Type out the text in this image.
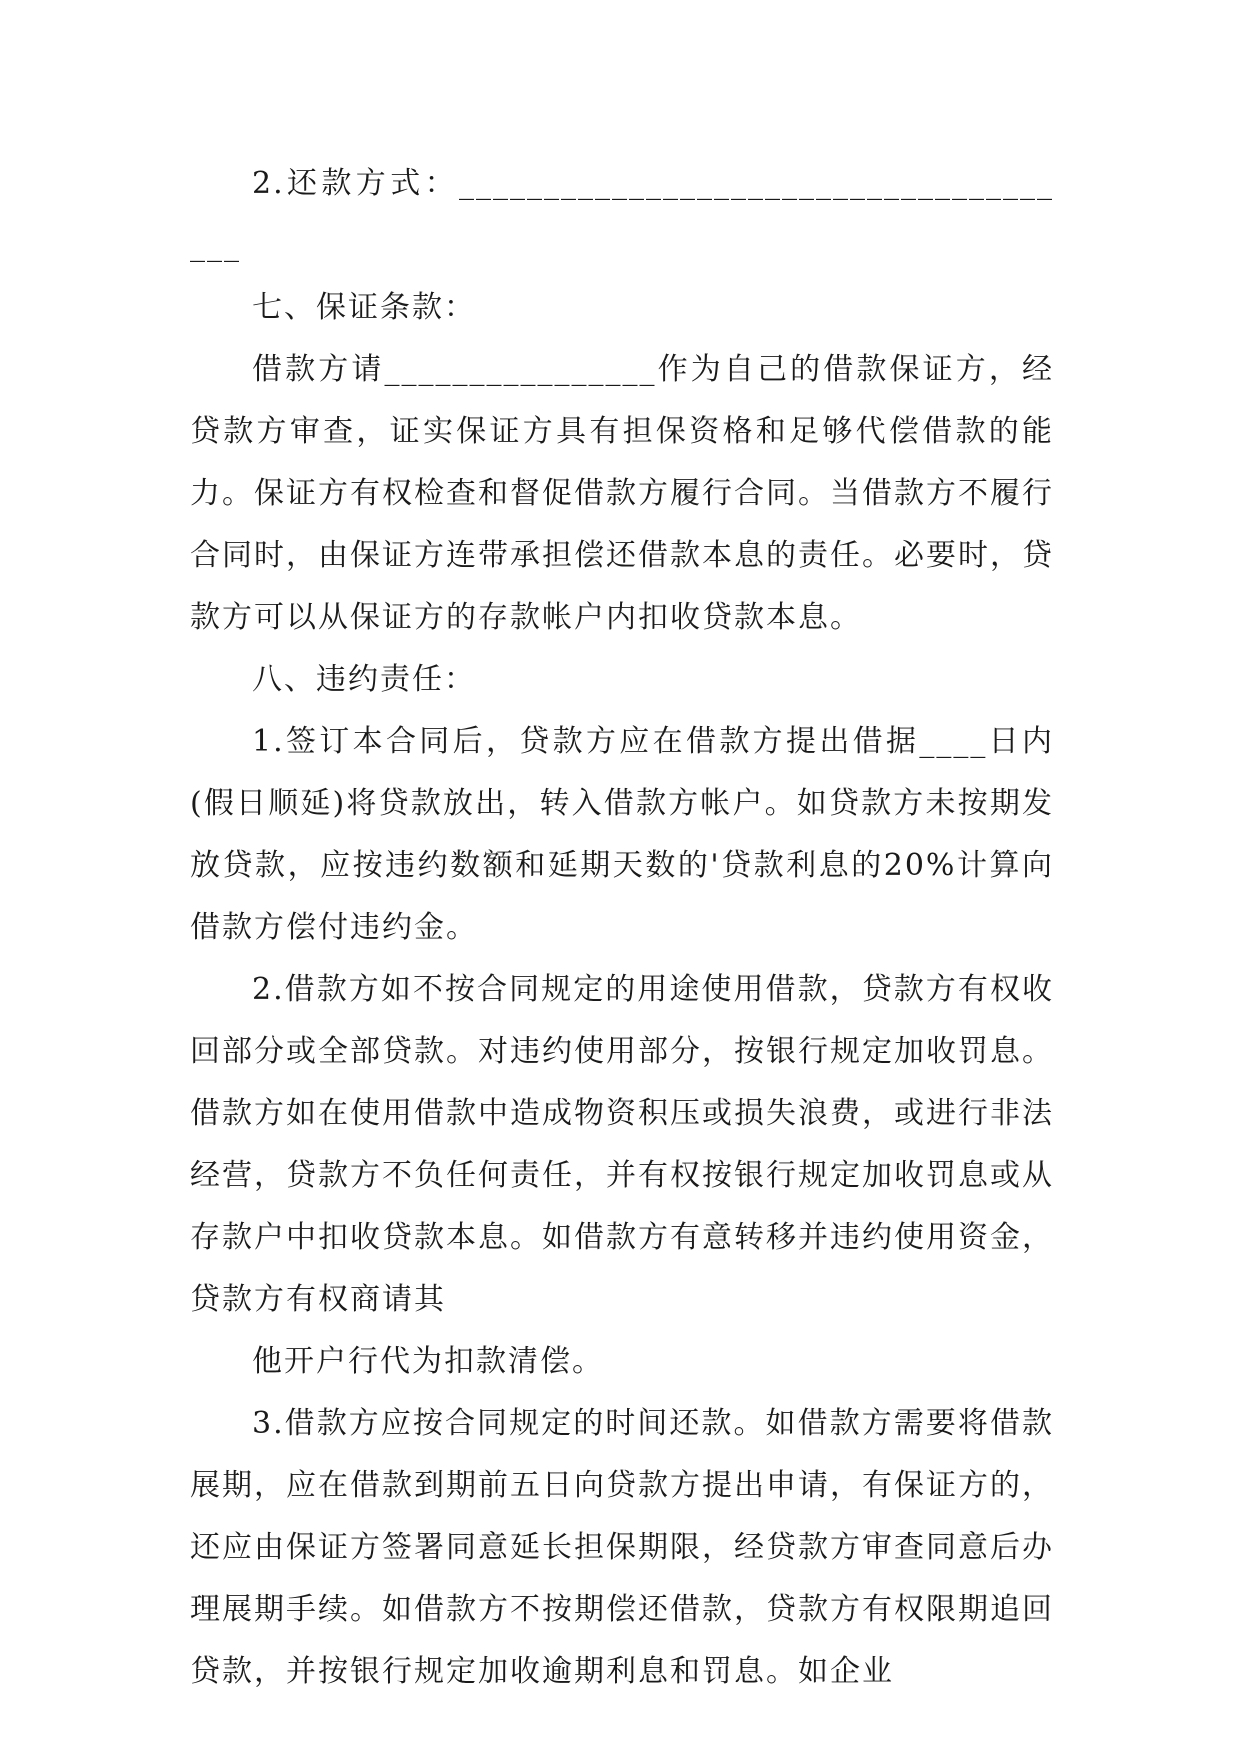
2.还款方式：______________________________________

七、保证条款：

借款方请________________作为自己的借款保证方，经贷款方审查，证实保证方具有担保资格和足够代偿借款的能力。保证方有权检查和督促借款方履行合同。当借款方不履行合同时，由保证方连带承担偿还借款本息的责任。必要时，贷款方可以从保证方的存款帐户内扣收贷款本息。

八、违约责任：

1.签订本合同后，贷款方应在借款方提出借据____日内(假日顺延)将贷款放出，转入借款方帐户。如贷款方未按期发放贷款，应按违约数额和延期天数的'贷款利息的20%计算向借款方偿付违约金。

2.借款方如不按合同规定的用途使用借款，贷款方有权收回部分或全部贷款。对违约使用部分，按银行规定加收罚息。借款方如在使用借款中造成物资积压或损失浪费，或进行非法经营，贷款方不负任何责任，并有权按银行规定加收罚息或从存款户中扣收贷款本息。如借款方有意转移并违约使用资金，贷款方有权商请其

他开户行代为扣款清偿。

3.借款方应按合同规定的时间还款。如借款方需要将借款展期，应在借款到期前五日向贷款方提出申请，有保证方的，还应由保证方签署同意延长担保期限，经贷款方审查同意后办理展期手续。如借款方不按期偿还借款，贷款方有权限期追回贷款，并按银行规定加收逾期利息和罚息。如企业
